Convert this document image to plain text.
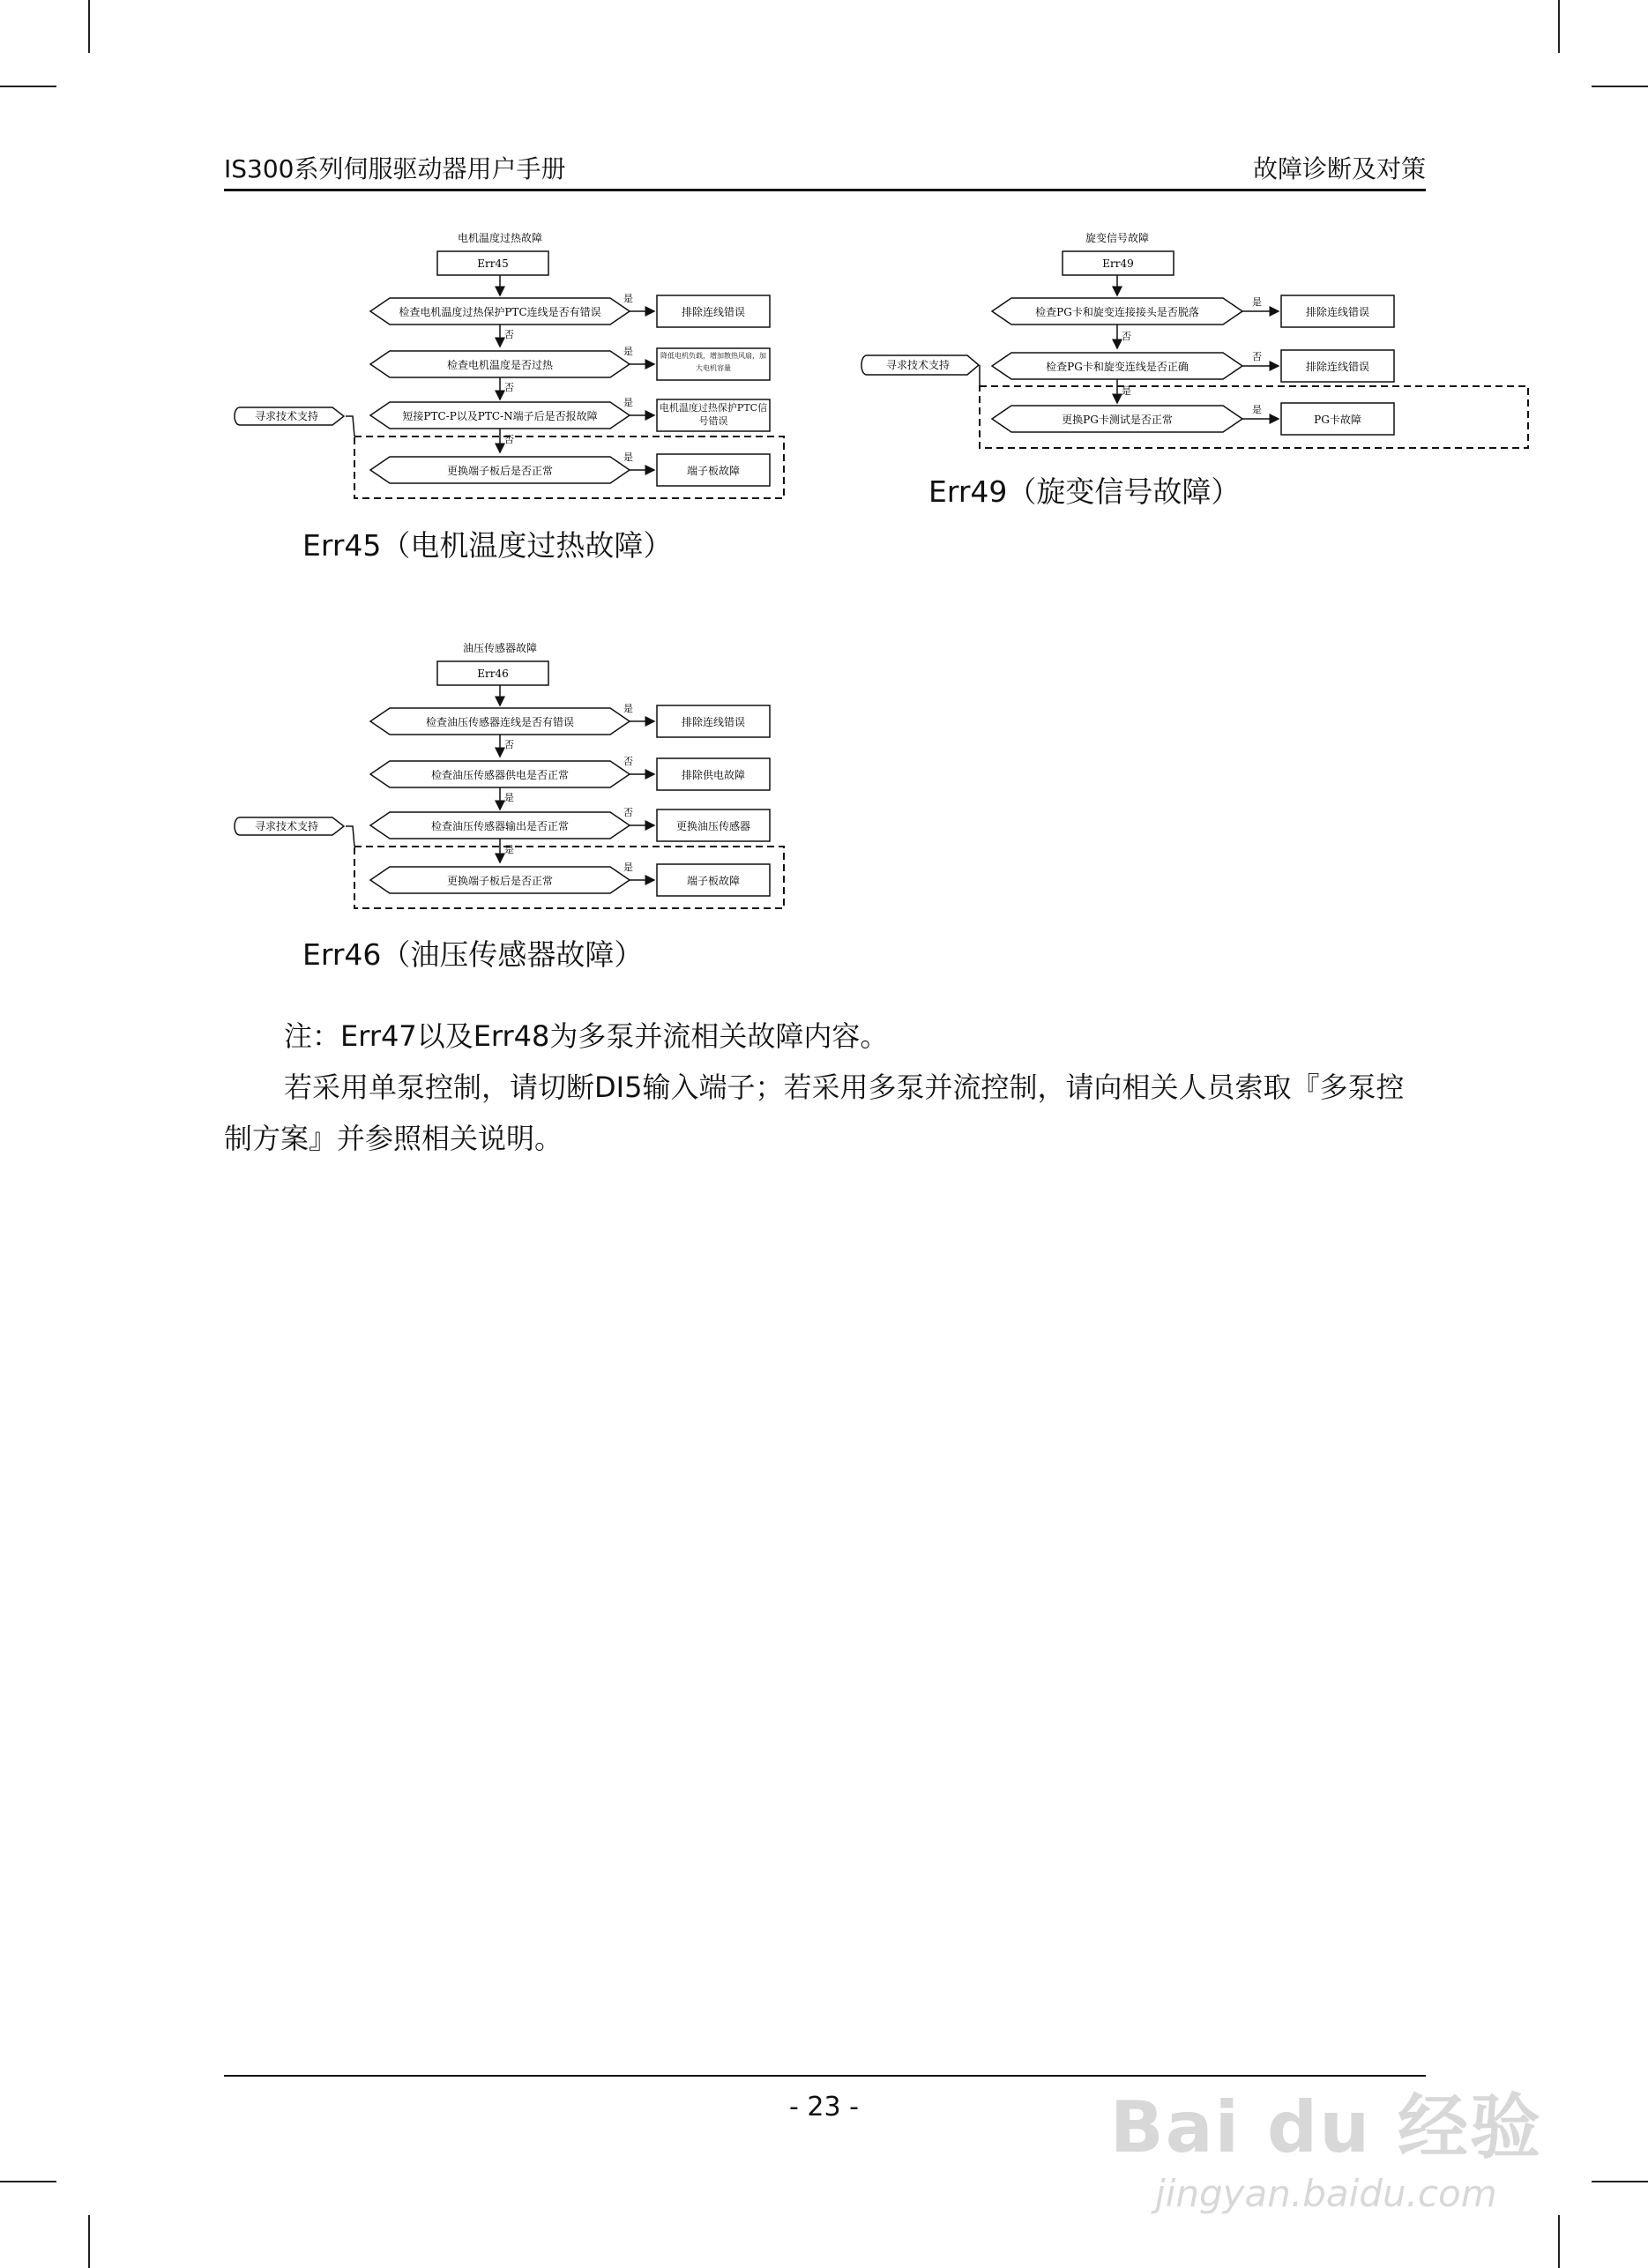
IS300系列伺服驱动器用户手册	故障诊断及对策
电机温度过热故障
Err45
检查电机温度过热保护PTC连线是否有错误
是
排除连线错误
否
检查电机温度是否过热
是	降低电机负载，增加散热风扇，加大电机容量
否
短接PTC-P以及PTC-N端子后是否报故障
是	电机温度过热保护PTC信号错误
否
更换端子板后是否正常
是
端子板故障
寻求技术支持
Err45（电机温度过热故障）
旋变信号故障
Err49
检查PG卡和旋变连接接头是否脱落
是
排除连线错误
否
检查PG卡和旋变连线是否正确
否
排除连线错误
是
更换PG卡测试是否正常
是
PG卡故障
寻求技术支持
Err49（旋变信号故障）
油压传感器故障
Err46
检查油压传感器连线是否有错误
是
排除连线错误
否
检查油压传感器供电是否正常
否
排除供电故障
是
检查油压传感器输出是否正常
否
更换油压传感器
是
更换端子板后是否正常
是
端子板故障
寻求技术支持
Err46（油压传感器故障）
注：Err47以及Err48为多泵并流相关故障内容。
若采用单泵控制，请切断DI5输入端子；若采用多泵并流控制，请向相关人员索取『多泵控制方案』并参照相关说明。
- 23 -	Bai du 经验
jingyan.baidu.com
